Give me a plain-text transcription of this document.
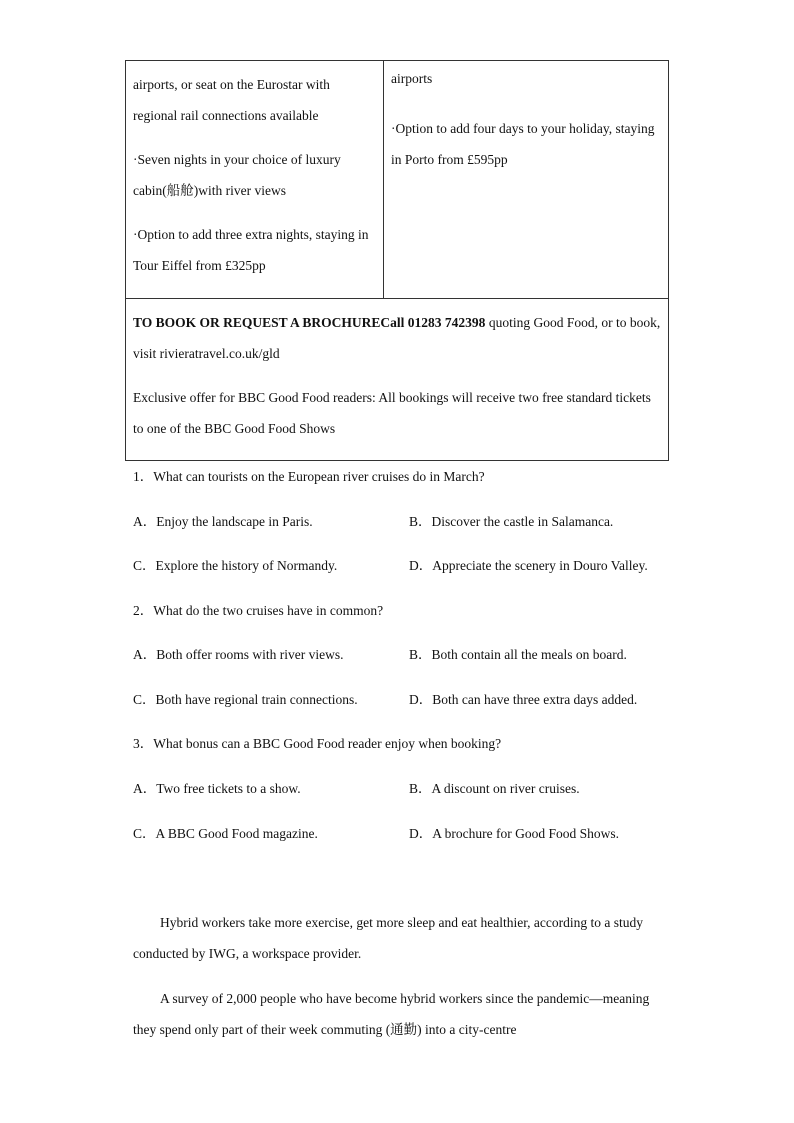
airports, or seat on the Eurostar with regional rail connections available

·Seven nights in your choice of luxury cabin(船舱)with river views

·Option to add three extra nights, staying in Tour Eiffel from £325pp

airports

·Option to add four days to your holiday, staying in Porto from £595pp

TO BOOK OR REQUEST A BROCHURECall 01283 742398 quoting Good Food, or to book, visit rivieratravel.co.uk/gld

Exclusive offer for BBC Good Food readers: All bookings will receive two free standard tickets to one of the BBC Good Food Shows

1．What can tourists on the European river cruises do in March?

A．Enjoy the landscape in Paris.	B．Discover the castle in Salamanca.

C．Explore the history of Normandy.	D．Appreciate the scenery in Douro Valley.

2．What do the two cruises have in common?

A．Both offer rooms with river views.	B．Both contain all the meals on board.

C．Both have regional train connections.	D．Both can have three extra days added.

3．What bonus can a BBC Good Food reader enjoy when booking?

A．Two free tickets to a show.	B．A discount on river cruises.

C．A BBC Good Food magazine.	D．A brochure for Good Food Shows.

Hybrid workers take more exercise, get more sleep and eat healthier, according to a study conducted by IWG, a workspace provider.

A survey of 2,000 people who have become hybrid workers since the pandemic—meaning they spend only part of their week commuting (通勤) into a city-centre
